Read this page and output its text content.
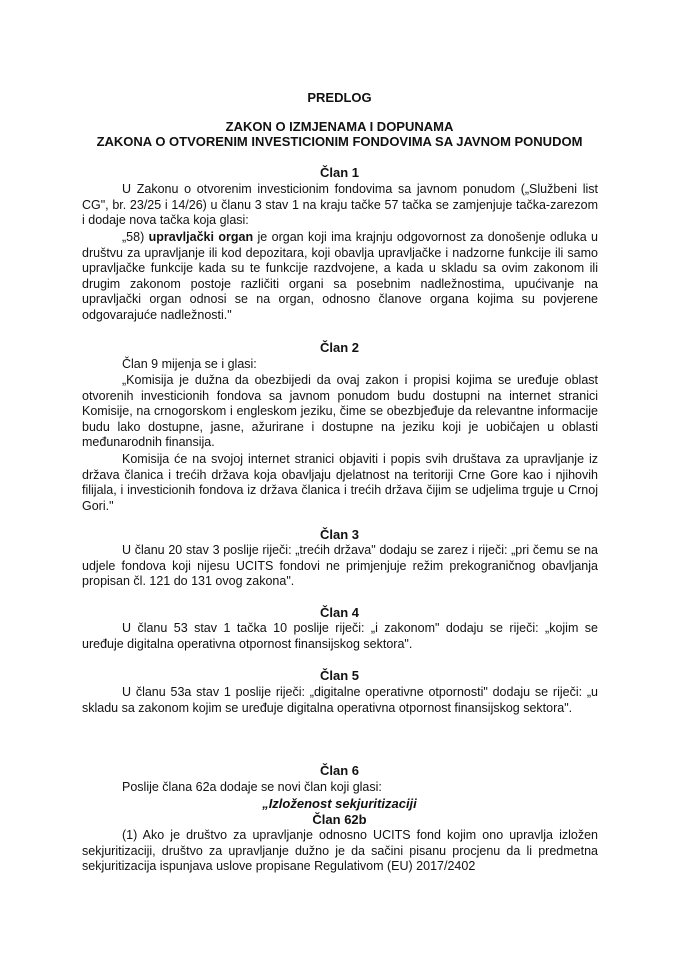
PREDLOG
ZAKON O IZMJENAMA I DOPUNAMA
ZAKONA O OTVORENIM INVESTICIONIM FONDOVIMA SA JAVNOM PONUDOM
Član 1
U Zakonu o otvorenim investicionim fondovima sa javnom ponudom („Službeni list CG", br. 23/25 i 14/26) u članu 3 stav 1 na kraju tačke 57 tačka se zamjenjuje tačka-zarezom i dodaje nova tačka koja glasi:
„58) upravljački organ je organ koji ima krajnju odgovornost za donošenje odluka u društvu za upravljanje ili kod depozitara, koji obavlja upravljačke i nadzorne funkcije ili samo upravljačke funkcije kada su te funkcije razdvojene, a kada u skladu sa ovim zakonom ili drugim zakonom postoje različiti organi sa posebnim nadležnostima, upućivanje na upravljački organ odnosi se na organ, odnosno članove organa kojima su povjerene odgovarajuće nadležnosti."
Član 2
Član 9 mijenja se i glasi:
„Komisija je dužna da obezbijedi da ovaj zakon i propisi kojima se uređuje oblast otvorenih investicionih fondova sa javnom ponudom budu dostupni na internet stranici Komisije, na crnogorskom i engleskom jeziku, čime se obezbjeđuje da relevantne informacije budu lako dostupne, jasne, ažurirane i dostupne na jeziku koji je uobičajen u oblasti međunarodnih finansija.
Komisija će na svojoj internet stranici objaviti i popis svih društava za upravljanje iz država članica i trećih država koja obavljaju djelatnost na teritoriji Crne Gore kao i njihovih filijala, i investicionih fondova iz država članica i trećih država čijim se udjelima trguje u Crnoj Gori."
Član 3
U članu 20 stav 3 poslije riječi: „trećih država" dodaju se zarez i riječi: „pri čemu se na udjele fondova koji nijesu UCITS fondovi ne primjenjuje režim prekograničnog obavljanja propisan čl. 121 do 131 ovog zakona".
Član 4
U članu 53 stav 1 tačka 10 poslije riječi: „i zakonom" dodaju se riječi: „kojim se uređuje digitalna operativna otpornost finansijskog sektora".
Član 5
U članu 53a stav 1 poslije riječi: „digitalne operativne otpornosti" dodaju se riječi: „u skladu sa zakonom kojim se uređuje digitalna operativna otpornost finansijskog sektora".
Član 6
Poslije člana 62a dodaje se novi član koji glasi:
„Izloženost sekjuritizaciji
Član 62b
(1) Ako je društvo za upravljanje odnosno UCITS fond kojim ono upravlja izložen sekjuritizaciji, društvo za upravljanje dužno je da sačini pisanu procjenu da li predmetna sekjuritizacija ispunjava uslove propisane Regulativom (EU) 2017/2402
